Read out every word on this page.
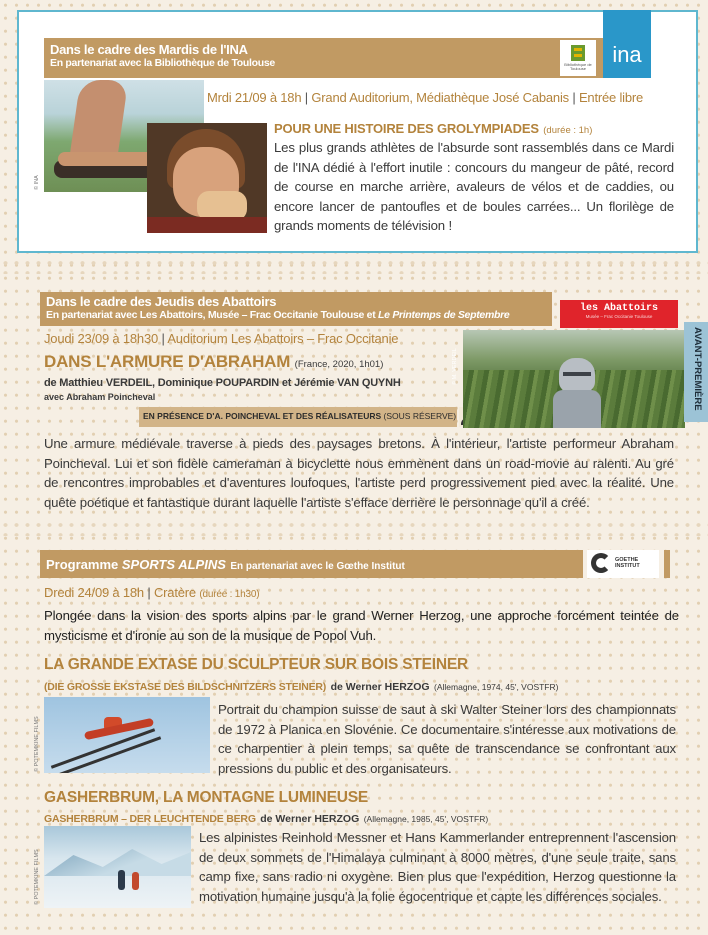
Dans le cadre des Mardis de l'INA
En partenariat avec la Bibliothèque de Toulouse	Bibliothèque de Toulouse
ina
© INA
Mrdi 21/09 à 18h | Grand Auditorium, Médiathèque José Cabanis | Entrée libre
POUR UNE HISTOIRE DES GROLYMPIADES (durée : 1h)

Les plus grands athlètes de l'absurde sont rassemblés dans ce Mardi de l'INA dédié à l'effort inutile : concours du mangeur de pâté, record de course en marche arrière, avaleurs de vélos et de caddies, ou encore lancer de pantoufles et de boules carrées... Un florilège de grands moments de télévision !

Dans le cadre des Jeudis des Abattoirs
En partenariat avec Les Abattoirs, Musée – Frac Occitanie Toulouse et Le Printemps de Septembre
les Abattoirs
Musée – Frac Occitanie Toulouse
Joudi 23/09 à 18h30 | Auditorium Les Abattoirs – Frac Occitanie
DANS L'ARMURE D'ABRAHAM (France, 2020, 1h01)
de Matthieu VERDEIL, Dominique POUPARDIN et Jérémie VAN QUYNH
avec Abraham Poincheval
EN PRÉSENCE D'A. POINCHEVAL ET DES RÉALISATEURS (SOUS RÉSERVE)
© M. VERDEIL	AVANT-PREMIÈRE

Une armure médiévale traverse à pieds des paysages bretons. À l'intérieur, l'artiste performeur Abraham Poincheval. Lui et son fidèle cameraman à bicyclette nous emmènent dans un road-movie au ralenti. Au gré de rencontres improbables et d'aventures loufoques, l'artiste perd progressivement pied avec la réalité. Une quête poétique et fantastique durant laquelle l'artiste s'efface derrière le personnage qu'il a créé.

Programme SPORTS ALPINS En partenariat avec le Gœthe Institut
GOETHE INSTITUT
Dredi 24/09 à 18h | Cratère (durée : 1h30)

Plongée dans la vision des sports alpins par le grand Werner Herzog, une approche forcément teintée de mysticisme et d'ironie au son de la musique de Popol Vuh.

LA GRANDE EXTASE DU SCULPTEUR SUR BOIS STEINER
(DIE GROSSE EKSTASE DES BILDSCHNITZERS STEINER) de Werner HERZOG (Allemagne, 1974, 45', VOSTFR)
© POTEMKINE FILMS

Portrait du champion suisse de saut à ski Walter Steiner lors des championnats de 1972 à Planica en Slovénie. Ce documentaire s'intéresse aux motivations de ce charpentier à plein temps, sa quête de transcendance se confrontant aux pressions du public et des organisateurs.

GASHERBRUM, LA MONTAGNE LUMINEUSE
GASHERBRUM – DER LEUCHTENDE BERG de Werner HERZOG (Allemagne, 1985, 45', VOSTFR)
© POTEMKINE FILMS

Les alpinistes Reinhold Messner et Hans Kammerlander entreprennent l'ascension de deux sommets de l'Himalaya culminant à 8000 mètres, d'une seule traite, sans camp fixe, sans radio ni oxygène. Bien plus que l'expédition, Herzog questionne la motivation humaine jusqu'à la folie égocentrique et capte les différences sociales.
